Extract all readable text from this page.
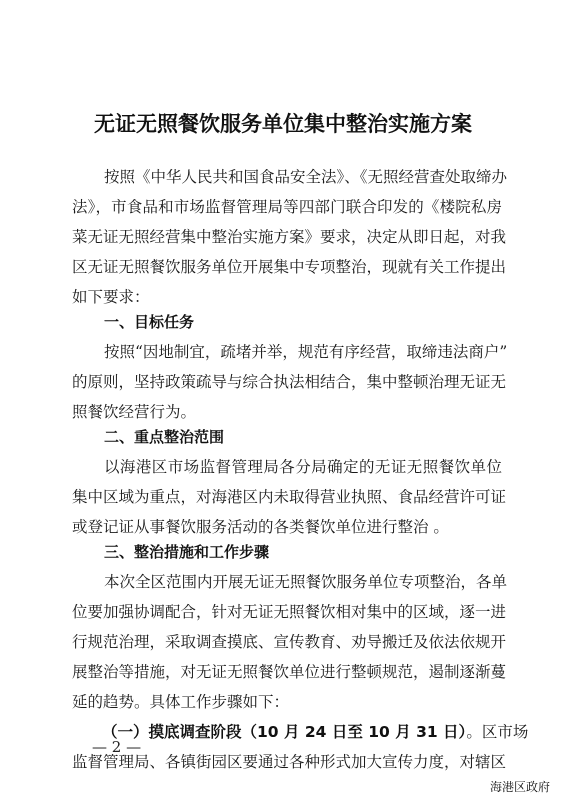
无证无照餐饮服务单位集中整治实施方案
按照《中华人民共和国食品安全法》、《无照经营查处取缔办
法》，市食品和市场监督管理局等四部门联合印发的《楼院私房
菜无证无照经营集中整治实施方案》要求，决定从即日起，对我
区无证无照餐饮服务单位开展集中专项整治，现就有关工作提出
如下要求：
一、目标任务
按照“因地制宜，疏堵并举，规范有序经营，取缔违法商户”
的原则，坚持政策疏导与综合执法相结合，集中整顿治理无证无
照餐饮经营行为。
二、重点整治范围
以海港区市场监督管理局各分局确定的无证无照餐饮单位
集中区域为重点，对海港区内未取得营业执照、食品经营许可证
或登记证从事餐饮服务活动的各类餐饮单位进行整治 。
三、整治措施和工作步骤
本次全区范围内开展无证无照餐饮服务单位专项整治，各单
位要加强协调配合，针对无证无照餐饮相对集中的区域，逐一进
行规范治理，采取调查摸底、宣传教育、劝导搬迁及依法依规开
展整治等措施，对无证无照餐饮单位进行整顿规范，遏制逐渐蔓
延的趋势。具体工作步骤如下：
（一）摸底调查阶段（10 月 24 日至 10 月 31 日）。区市场
监督管理局、各镇街园区要通过各种形式加大宣传力度，对辖区
— 2 —
海港区政府
